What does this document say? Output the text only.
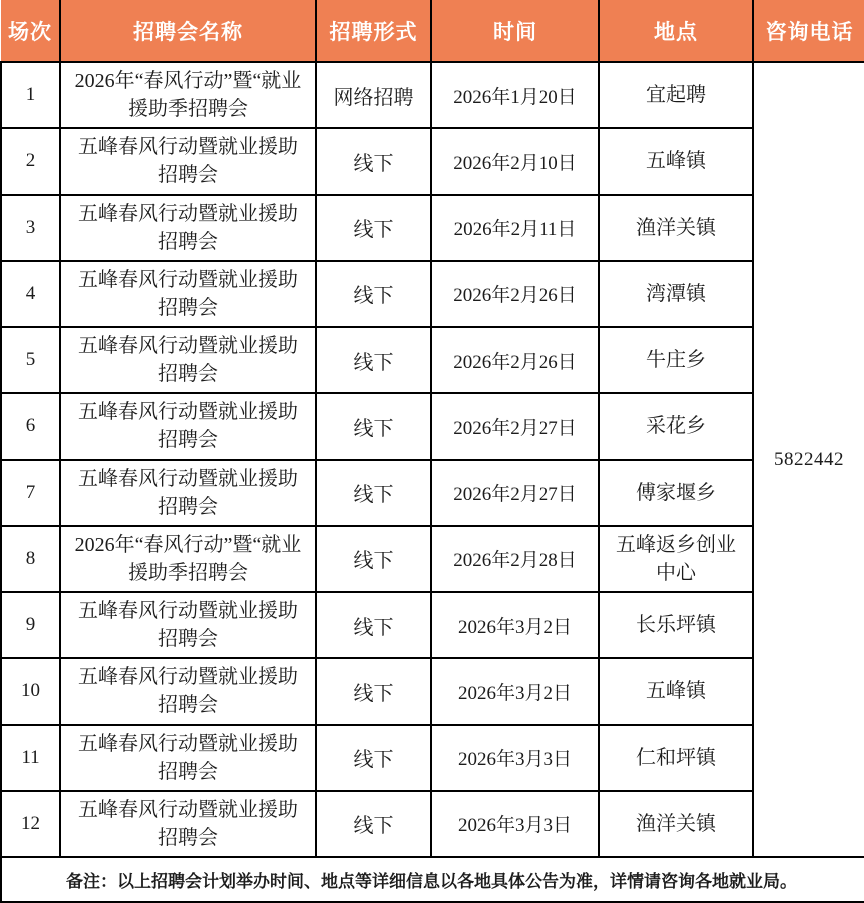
场次	招聘会名称	招聘形式	时间	地点	咨询电话
1	2026年“春风行动”暨“就业援助季招聘会	网络招聘	2026年1月20日	宜起聘	5822442
2	五峰春风行动暨就业援助招聘会	线下	2026年2月10日	五峰镇	
3	五峰春风行动暨就业援助招聘会	线下	2026年2月11日	渔洋关镇	
4	五峰春风行动暨就业援助招聘会	线下	2026年2月26日	湾潭镇	
5	五峰春风行动暨就业援助招聘会	线下	2026年2月26日	牛庄乡	
6	五峰春风行动暨就业援助招聘会	线下	2026年2月27日	采花乡	
7	五峰春风行动暨就业援助招聘会	线下	2026年2月27日	傅家堰乡	
8	2026年“春风行动”暨“就业援助季招聘会	线下	2026年2月28日	五峰返乡创业中心	
9	五峰春风行动暨就业援助招聘会	线下	2026年3月2日	长乐坪镇	
10	五峰春风行动暨就业援助招聘会	线下	2026年3月2日	五峰镇	
11	五峰春风行动暨就业援助招聘会	线下	2026年3月3日	仁和坪镇	
12	五峰春风行动暨就业援助招聘会	线下	2026年3月3日	渔洋关镇	
备注：以上招聘会计划举办时间、地点等详细信息以各地具体公告为准，详情请咨询各地就业局。					
